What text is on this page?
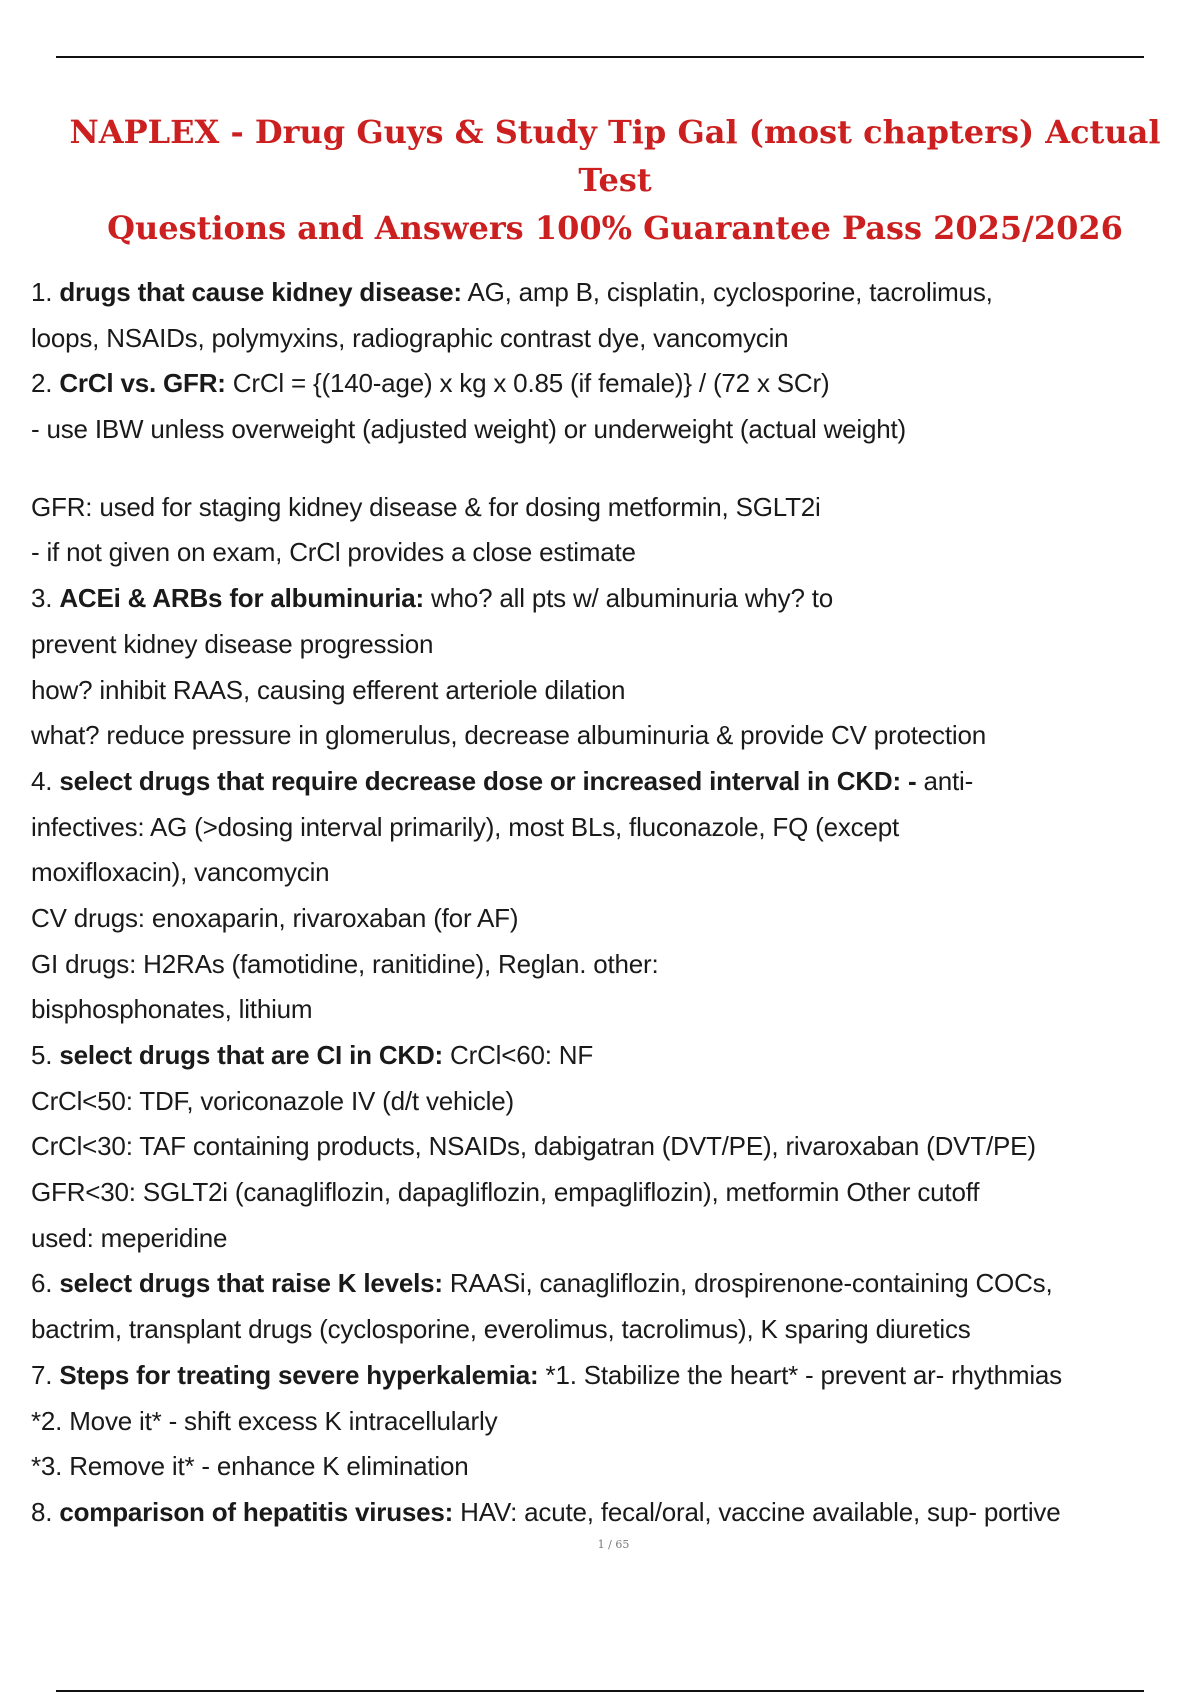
NAPLEX - Drug Guys & Study Tip Gal (most chapters) Actual Test
Questions and Answers 100% Guarantee Pass 2025/2026
1. drugs that cause kidney disease: AG, amp B, cisplatin, cyclosporine, tacrolimus,
loops, NSAIDs, polymyxins, radiographic contrast dye, vancomycin
2. CrCl vs. GFR: CrCl = {(140-age) x kg x 0.85 (if female)} / (72 x SCr)
- use IBW unless overweight (adjusted weight) or underweight (actual weight)
GFR: used for staging kidney disease & for dosing metformin, SGLT2i
- if not given on exam, CrCl provides a close estimate
3. ACEi & ARBs for albuminuria: who? all pts w/ albuminuria why? to
prevent kidney disease progression
how? inhibit RAAS, causing efferent arteriole dilation
what? reduce pressure in glomerulus, decrease albuminuria & provide CV protection
4. select drugs that require decrease dose or increased interval in CKD: - anti-
infectives: AG (>dosing interval primarily), most BLs, fluconazole, FQ (except
moxifloxacin), vancomycin
CV drugs: enoxaparin, rivaroxaban (for AF)
GI drugs: H2RAs (famotidine, ranitidine), Reglan. other:
bisphosphonates, lithium
5. select drugs that are CI in CKD: CrCl<60: NF
CrCl<50: TDF, voriconazole IV (d/t vehicle)
CrCl<30: TAF containing products, NSAIDs, dabigatran (DVT/PE), rivaroxaban (DVT/PE)
GFR<30: SGLT2i (canagliflozin, dapagliflozin, empagliflozin), metformin Other cutoff
used: meperidine
6. select drugs that raise K levels: RAASi, canagliflozin, drospirenone-containing COCs,
bactrim, transplant drugs (cyclosporine, everolimus, tacrolimus), K sparing diuretics
7. Steps for treating severe hyperkalemia: *1. Stabilize the heart* - prevent ar- rhythmias
*2. Move it* - shift excess K intracellularly
*3. Remove it* - enhance K elimination
8. comparison of hepatitis viruses: HAV: acute, fecal/oral, vaccine available, sup- portive
1 / 65
